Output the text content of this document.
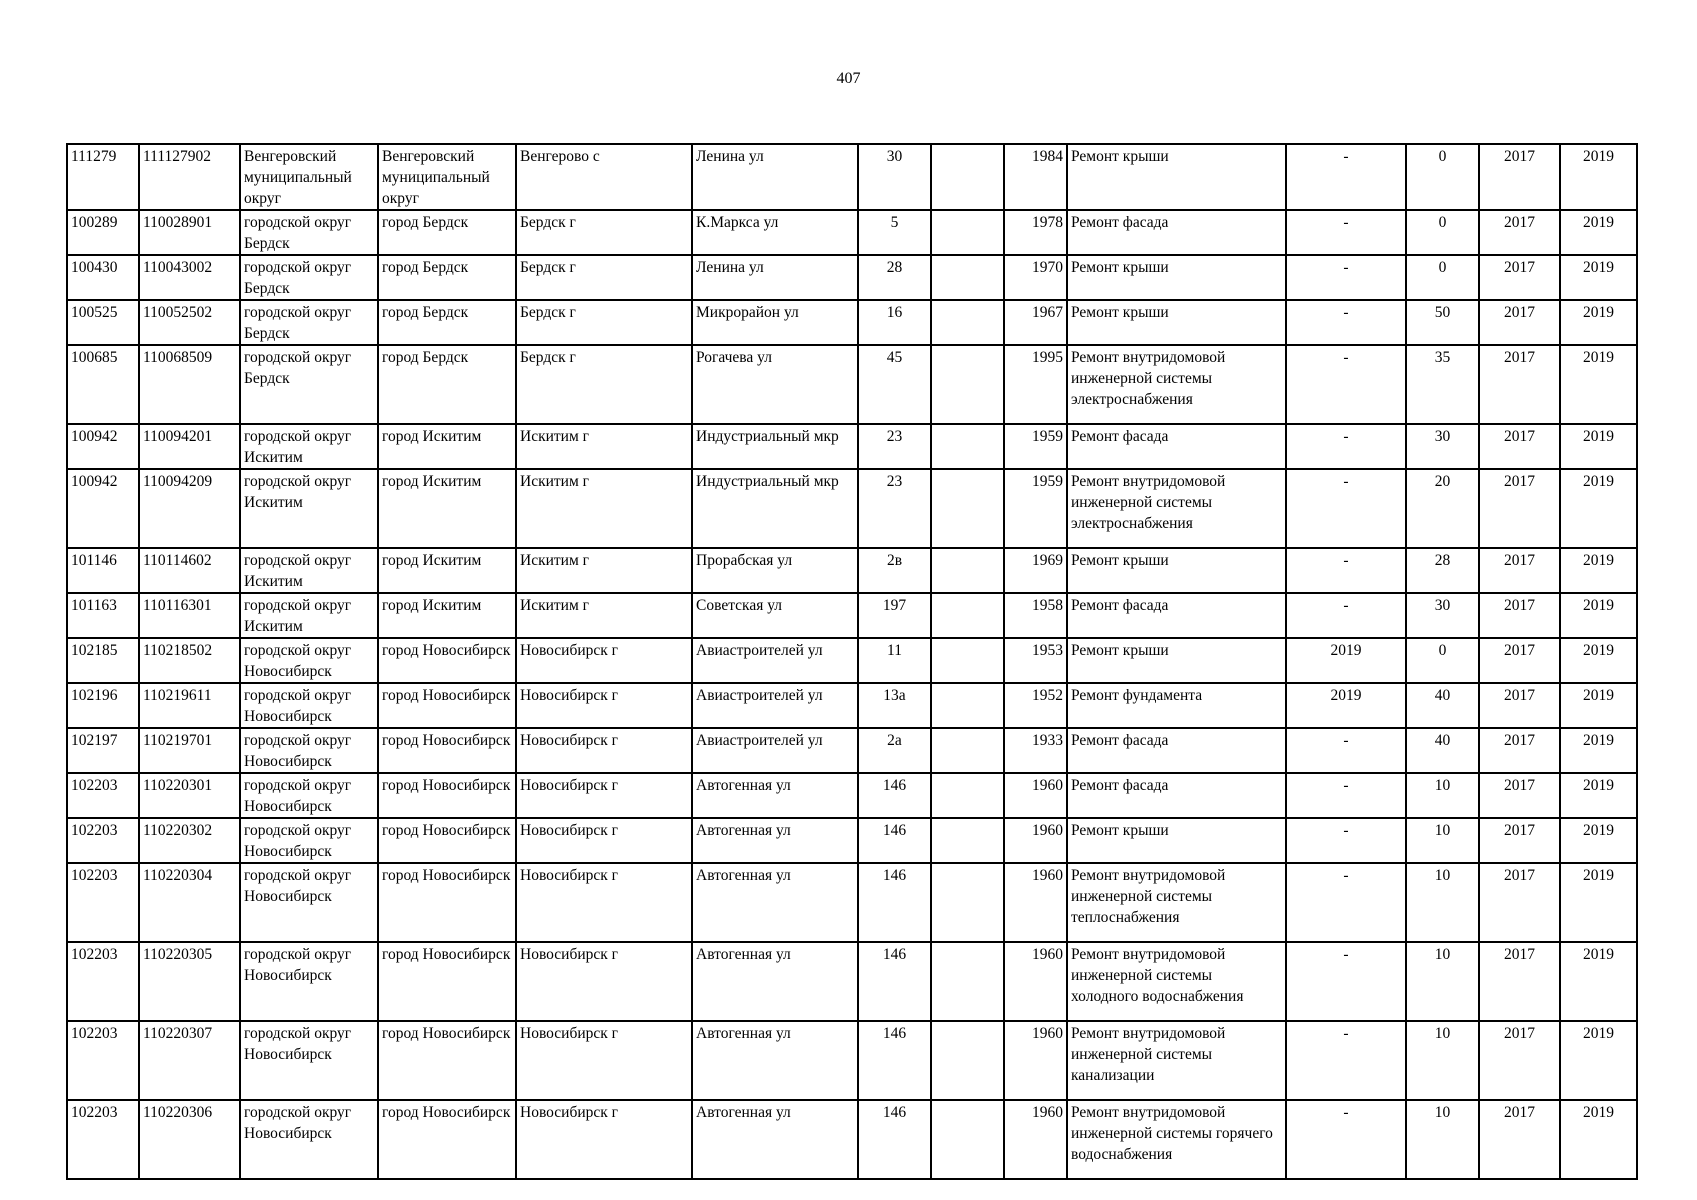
407
111279	111127902	Венгеровский муниципальный округ	Венгеровский муниципальный округ	Венгерово с	Ленина ул	30		1984	Ремонт крыши	-	0	2017	2019
100289	110028901	городской округ Бердск	город Бердск	Бердск г	К.Маркса ул	5		1978	Ремонт фасада	-	0	2017	2019
100430	110043002	городской округ Бердск	город Бердск	Бердск г	Ленина ул	28		1970	Ремонт крыши	-	0	2017	2019
100525	110052502	городской округ Бердск	город Бердск	Бердск г	Микрорайон ул	16		1967	Ремонт крыши	-	50	2017	2019
100685	110068509	городской округ Бердск	город Бердск	Бердск г	Рогачева ул	45		1995	Ремонт внутридомовой инженерной системы электроснабжения	-	35	2017	2019
100942	110094201	городской округ Искитим	город Искитим	Искитим г	Индустриальный мкр	23		1959	Ремонт фасада	-	30	2017	2019
100942	110094209	городской округ Искитим	город Искитим	Искитим г	Индустриальный мкр	23		1959	Ремонт внутридомовой инженерной системы электроснабжения	-	20	2017	2019
101146	110114602	городской округ Искитим	город Искитим	Искитим г	Прорабская ул	2в		1969	Ремонт крыши	-	28	2017	2019
101163	110116301	городской округ Искитим	город Искитим	Искитим г	Советская ул	197		1958	Ремонт фасада	-	30	2017	2019
102185	110218502	городской округ Новосибирск	город Новосибирск	Новосибирск г	Авиастроителей ул	11		1953	Ремонт крыши	2019	0	2017	2019
102196	110219611	городской округ Новосибирск	город Новосибирск	Новосибирск г	Авиастроителей ул	13а		1952	Ремонт фундамента	2019	40	2017	2019
102197	110219701	городской округ Новосибирск	город Новосибирск	Новосибирск г	Авиастроителей ул	2а		1933	Ремонт фасада	-	40	2017	2019
102203	110220301	городской округ Новосибирск	город Новосибирск	Новосибирск г	Автогенная ул	146		1960	Ремонт фасада	-	10	2017	2019
102203	110220302	городской округ Новосибирск	город Новосибирск	Новосибирск г	Автогенная ул	146		1960	Ремонт крыши	-	10	2017	2019
102203	110220304	городской округ Новосибирск	город Новосибирск	Новосибирск г	Автогенная ул	146		1960	Ремонт внутридомовой инженерной системы теплоснабжения	-	10	2017	2019
102203	110220305	городской округ Новосибирск	город Новосибирск	Новосибирск г	Автогенная ул	146		1960	Ремонт внутридомовой инженерной системы холодного водоснабжения	-	10	2017	2019
102203	110220307	городской округ Новосибирск	город Новосибирск	Новосибирск г	Автогенная ул	146		1960	Ремонт внутридомовой инженерной системы канализации	-	10	2017	2019
102203	110220306	городской округ Новосибирск	город Новосибирск	Новосибирск г	Автогенная ул	146		1960	Ремонт внутридомовой инженерной системы горячего водоснабжения	-	10	2017	2019
